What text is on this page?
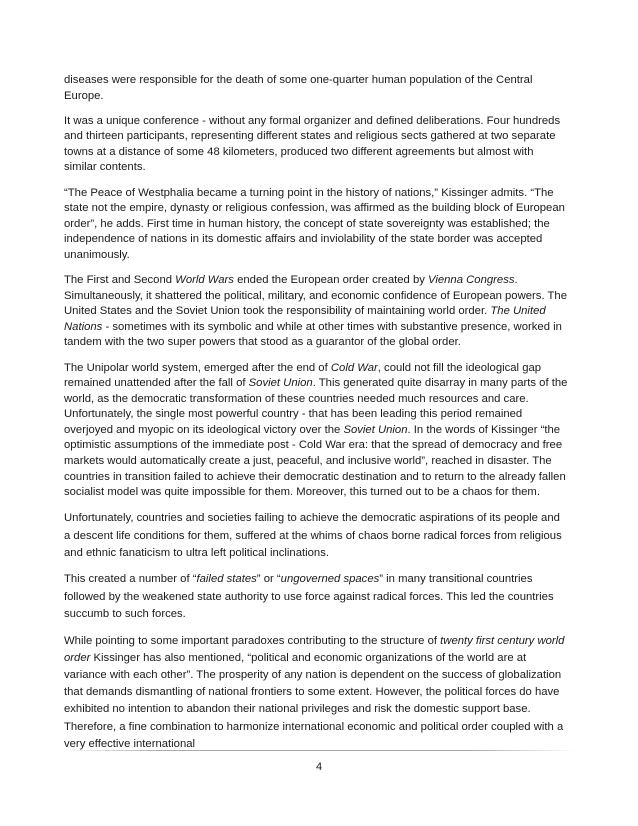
diseases were responsible for the death of some one-quarter human population of the Central Europe.

It was a unique conference - without any formal organizer and defined deliberations. Four hundreds and thirteen participants, representing different states and religious sects gathered at two separate towns at a distance of some 48 kilometers, produced two different agreements but almost with similar contents.

“The Peace of Westphalia became a turning point in the history of nations,” Kissinger admits. “The state not the empire, dynasty or religious confession, was affirmed as the building block of European order”, he adds. First time in human history, the concept of state sovereignty was established; the independence of nations in its domestic affairs and inviolability of the state border was accepted unanimously.

The First and Second World Wars ended the European order created by Vienna Congress. Simultaneously, it shattered the political, military, and economic confidence of European powers. The United States and the Soviet Union took the responsibility of maintaining world order. The United Nations - sometimes with its symbolic and while at other times with substantive presence, worked in tandem with the two super powers that stood as a guarantor of the global order.

The Unipolar world system, emerged after the end of Cold War, could not fill the ideological gap remained unattended after the fall of Soviet Union. This generated quite disarray in many parts of the world, as the democratic transformation of these countries needed much resources and care. Unfortunately, the single most powerful country - that has been leading this period remained overjoyed and myopic on its ideological victory over the Soviet Union. In the words of Kissinger “the optimistic assumptions of the immediate post - Cold War era: that the spread of democracy and free markets would automatically create a just, peaceful, and inclusive world”, reached in disaster. The countries in transition failed to achieve their democratic destination and to return to the already fallen socialist model was quite impossible for them. Moreover, this turned out to be a chaos for them.

Unfortunately, countries and societies failing to achieve the democratic aspirations of its people and a descent life conditions for them, suffered at the whims of chaos borne radical forces from religious and ethnic fanaticism to ultra left political inclinations.

This created a number of “failed states” or “ungoverned spaces” in many transitional countries followed by the weakened state authority to use force against radical forces. This led the countries succumb to such forces.

While pointing to some important paradoxes contributing to the structure of twenty first century world order Kissinger has also mentioned, “political and economic organizations of the world are at variance with each other”. The prosperity of any nation is dependent on the success of globalization that demands dismantling of national frontiers to some extent. However, the political forces do have exhibited no intention to abandon their national privileges and risk the domestic support base. Therefore, a fine combination to harmonize international economic and political order coupled with a very effective international

4
